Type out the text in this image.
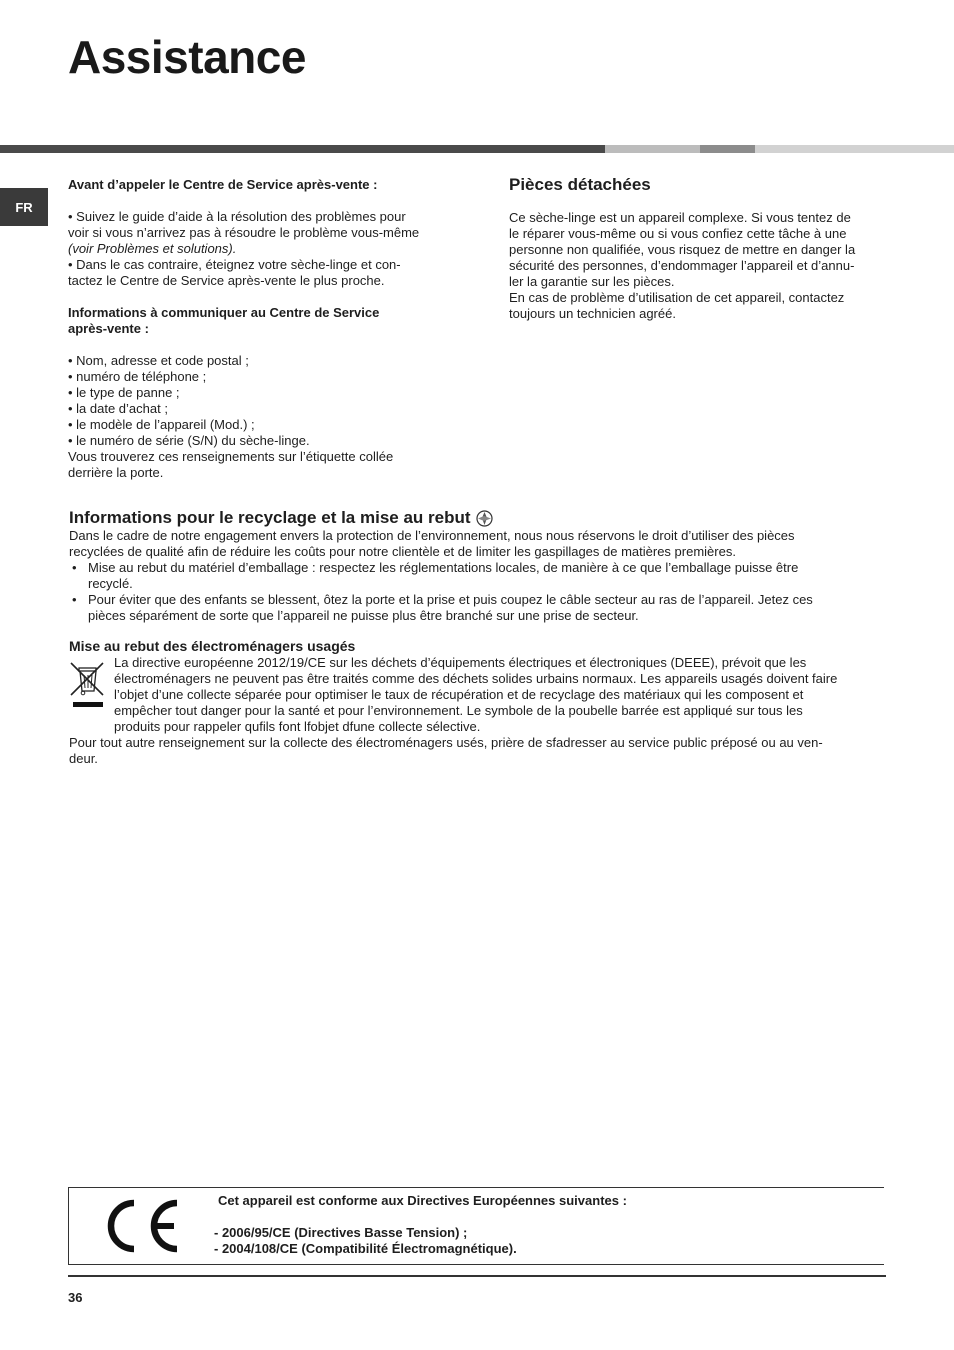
Assistance
FR

Avant d’appeler le Centre de Service après-vente :

• Suivez le guide d’aide à la résolution des problèmes pour

voir si vous n’arrivez pas à résoudre le problème vous-même

(voir Problèmes et solutions).

• Dans le cas contraire, éteignez votre sèche-linge et con-

tactez le Centre de Service après-vente le plus proche.

Informations à communiquer au Centre de Service

après-vente :

• Nom, adresse et code postal ;
• numéro de téléphone ;
• le type de panne ;
• la date d’achat ;
• le modèle de l’appareil (Mod.) ;
• le numéro de série (S/N) du sèche-linge.

Vous trouverez ces renseignements sur l’étiquette collée

derrière la porte.

Pièces détachées

Ce sèche-linge est un appareil complexe. Si vous tentez de

le réparer vous-même ou si vous confiez cette tâche à une

personne non qualifiée, vous risquez de mettre en danger la

sécurité des personnes, d’endommager l’appareil et d’annu-

ler la garantie sur les pièces.

En cas de problème d’utilisation de cet appareil, contactez

toujours un technicien agréé.

Informations pour le recyclage et la mise au rebut

Dans le cadre de notre engagement envers la protection de l’environnement, nous nous réservons le droit d’utiliser des pièces

recyclées de qualité afin de réduire les coûts pour notre clientèle et de limiter les gaspillages de matières premières.

• Mise au rebut du matériel d’emballage : respectez les réglementations locales, de manière à ce que l’emballage puisse être
recyclé.
• Pour éviter que des enfants se blessent, ôtez la porte et la prise et puis coupez le câble secteur au ras de l’appareil. Jetez ces
pièces séparément de sorte que l’appareil ne puisse plus être branché sur une prise de secteur.

Mise au rebut des électroménagers usagés

La directive européenne 2012/19/CE sur les déchets d’équipements électriques et électroniques (DEEE), prévoit que les

électroménagers ne peuvent pas être traités comme des déchets solides urbains normaux. Les appareils usagés doivent faire

l’objet d’une collecte séparée pour optimiser le taux de récupération et de recyclage des matériaux qui les composent et

empêcher tout danger pour la santé et pour l’environnement. Le symbole de la poubelle barrée est appliqué sur tous les

produits pour rappeler qufils font lfobjet dfune collecte sélective.

Pour tout autre renseignement sur la collecte des électroménagers usés, prière de sfadresser au service public préposé ou au ven-

deur.

Cet appareil est conforme aux Directives Européennes suivantes :

- 2006/95/CE (Directives Basse Tension) ;

- 2004/108/CE (Compatibilité Électromagnétique).

36
